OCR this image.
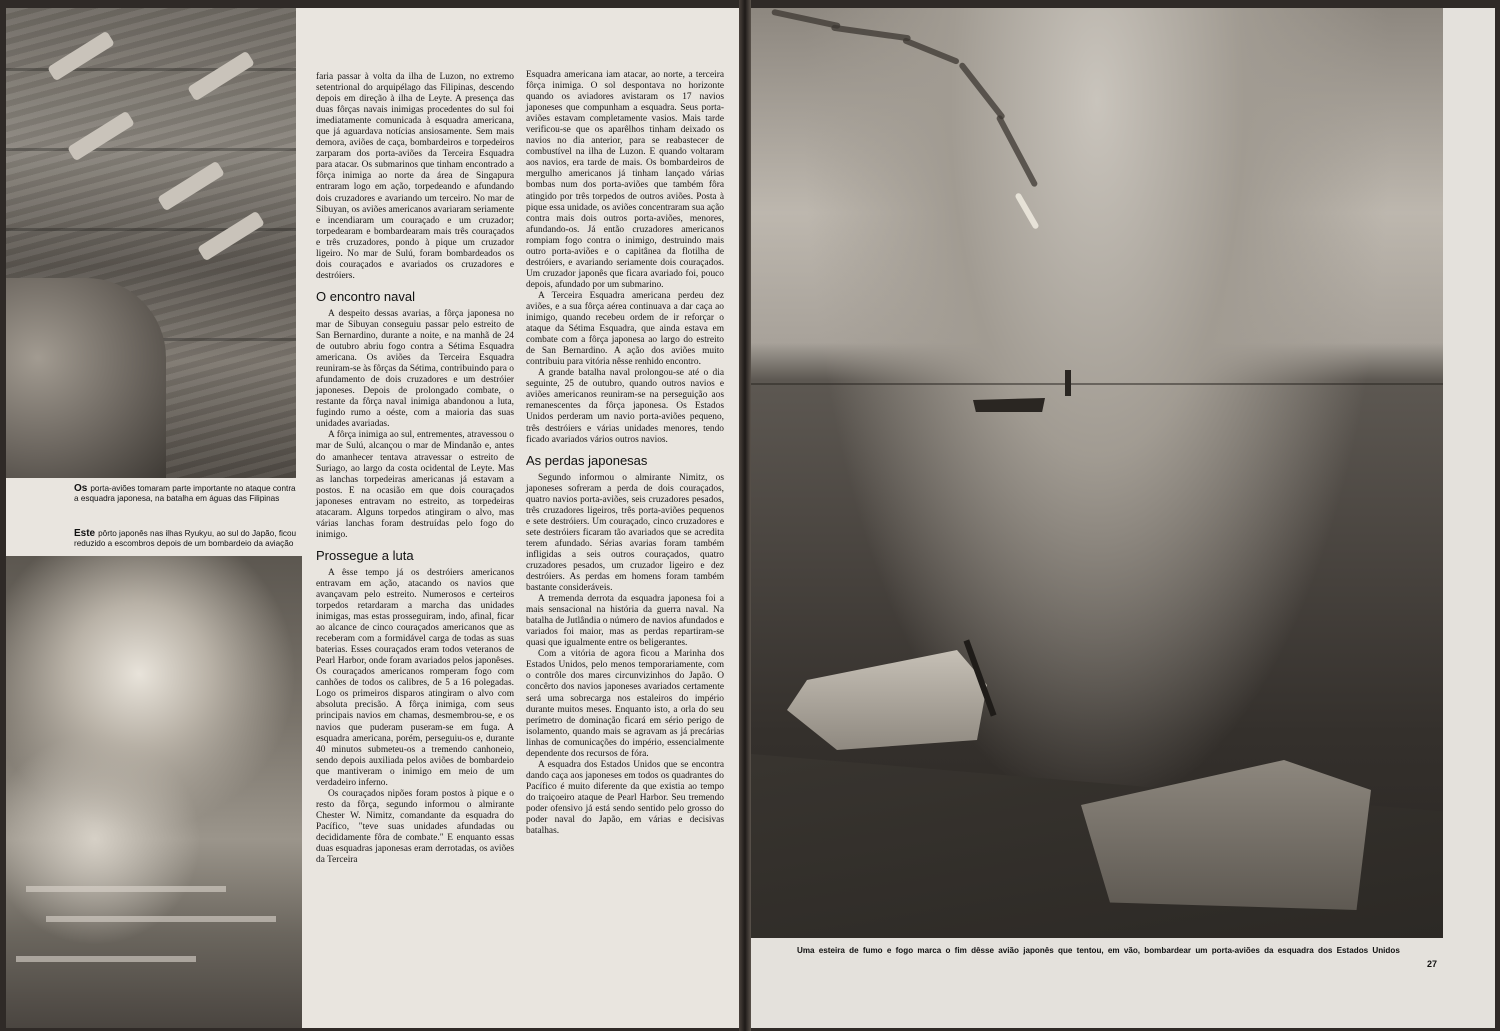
Os porta-aviões tomaram parte importante no ataque contra a esquadra japonesa, na batalha em águas das Filipinas
Este pôrto japonês nas ilhas Ryukyu, ao sul do Japão, ficou reduzido a escombros depois de um bombardeio da aviação

faria passar à volta da ilha de Luzon, no extremo setentrional do arquipélago das Filipinas, descendo depois em direção à ilha de Leyte. A presença das duas fôrças navais inimigas procedentes do sul foi imediatamente comunicada à esquadra americana, que já aguardava notícias ansiosamente. Sem mais demora, aviões de caça, bombardeiros e torpedeiros zarparam dos porta-aviões da Terceira Esquadra para atacar. Os submarinos que tinham encontrado a fôrça inimiga ao norte da área de Singapura entraram logo em ação, torpedeando e afundando dois cruzadores e avariando um terceiro. No mar de Sibuyan, os aviões americanos avariaram seriamente e incendiaram um couraçado e um cruzador; torpedearam e bombardearam mais três couraçados e três cruzadores, pondo à pique um cruzador ligeiro. No mar de Sulú, foram bombardeados os dois couraçados e avariados os cruzadores e destróiers.

O encontro naval

A despeito dessas avarias, a fôrça japonesa no mar de Sibuyan conseguiu passar pelo estreito de San Bernardino, durante a noite, e na manhã de 24 de outubro abriu fogo contra a Sétima Esquadra americana. Os aviões da Terceira Esquadra reuniram-se às fôrças da Sétima, contribuindo para o afundamento de dois cruzadores e um destróier japoneses. Depois de prolongado combate, o restante da fôrça naval inimiga abandonou a luta, fugindo rumo a oéste, com a maioria das suas unidades avariadas.

A fôrça inimiga ao sul, entrementes, atravessou o mar de Sulú, alcançou o mar de Mindanão e, antes do amanhecer tentava atravessar o estreito de Suriago, ao largo da costa ocidental de Leyte. Mas as lanchas torpedeiras americanas já estavam a postos. E na ocasião em que dois couraçados japoneses entravam no estreito, as torpedeiras atacaram. Alguns torpedos atingiram o alvo, mas várias lanchas foram destruídas pelo fogo do inimigo.

Prossegue a luta

A êsse tempo já os destróiers americanos entravam em ação, atacando os navios que avançavam pelo estreito. Numerosos e certeiros torpedos retardaram a marcha das unidades inimigas, mas estas prosseguiram, indo, afinal, ficar ao alcance de cinco couraçados americanos que as receberam com a formidável carga de todas as suas baterias. Esses couraçados eram todos veteranos de Pearl Harbor, onde foram avariados pelos japonêses. Os couraçados americanos romperam fogo com canhões de todos os calibres, de 5 a 16 polegadas. Logo os primeiros disparos atingiram o alvo com absoluta precisão. A fôrça inimiga, com seus principais navios em chamas, desmembrou-se, e os navios que puderam puseram-se em fuga. A esquadra americana, porém, perseguiu-os e, durante 40 minutos submeteu-os a tremendo canhoneio, sendo depois auxiliada pelos aviões de bombardeio que mantiveram o inimigo em meio de um verdadeiro inferno.

Os couraçados nipões foram postos à pique e o resto da fôrça, segundo informou o almirante Chester W. Nimitz, comandante da esquadra do Pacífico, "teve suas unidades afundadas ou decididamente fôra de combate." E enquanto essas duas esquadras japonesas eram derrotadas, os aviões da Terceira

Esquadra americana iam atacar, ao norte, a terceira fôrça inimiga. O sol despontava no horizonte quando os aviadores avistaram os 17 navios japoneses que compunham a esquadra. Seus porta-aviões estavam completamente vasios. Mais tarde verificou-se que os aparêlhos tinham deixado os navios no dia anterior, para se reabastecer de combustível na ilha de Luzon. E quando voltaram aos navios, era tarde de mais. Os bombardeiros de mergulho americanos já tinham lançado várias bombas num dos porta-aviões que também fôra atingido por três torpedos de outros aviões. Posta à pique essa unidade, os aviões concentraram sua ação contra mais dois outros porta-aviões, menores, afundando-os. Já então cruzadores americanos rompiam fogo contra o inimigo, destruindo mais outro porta-aviões e o capitânea da flotilha de destróiers, e avariando seriamente dois couraçados. Um cruzador japonês que ficara avariado foi, pouco depois, afundado por um submarino.

A Terceira Esquadra americana perdeu dez aviões, e a sua fôrça aérea continuava a dar caça ao inimigo, quando recebeu ordem de ir reforçar o ataque da Sétima Esquadra, que ainda estava em combate com a fôrça japonesa ao largo do estreito de San Bernardino. A ação dos aviões muito contribuiu para vitória nêsse renhido encontro.

A grande batalha naval prolongou-se até o dia seguinte, 25 de outubro, quando outros navios e aviões americanos reuniram-se na perseguição aos remanescentes da fôrça japonesa. Os Estados Unidos perderam um navio porta-aviões pequeno, três destróiers e várias unidades menores, tendo ficado avariados vários outros navios.

As perdas japonesas

Segundo informou o almirante Nimitz, os japoneses sofreram a perda de dois couraçados, quatro navios porta-aviões, seis cruzadores pesados, três cruzadores ligeiros, três porta-aviões pequenos e sete destróiers. Um couraçado, cinco cruzadores e sete destróiers ficaram tão avariados que se acredita terem afundado. Sérias avarias foram também infligidas a seis outros couraçados, quatro cruzadores pesados, um cruzador ligeiro e dez destróiers. As perdas em homens foram também bastante consideráveis.

A tremenda derrota da esquadra japonesa foi a mais sensacional na história da guerra naval. Na batalha de Jutlândia o número de navios afundados e variados foi maior, mas as perdas repartiram-se quasi que igualmente entre os beligerantes.

Com a vitória de agora ficou a Marinha dos Estados Unidos, pelo menos temporariamente, com o contrôle dos mares circunvizinhos do Japão. O concêrto dos navios japoneses avariados certamente será uma sobrecarga nos estaleiros do império durante muitos meses. Enquanto isto, a orla do seu perímetro de dominação ficará em sério perigo de isolamento, quando mais se agravam as já precárias linhas de comunicações do império, essencialmente dependente dos recursos de fóra.

A esquadra dos Estados Unidos que se encontra dando caça aos japoneses em todos os quadrantes do Pacífico é muito diferente da que existia ao tempo do traiçoeiro ataque de Pearl Harbor. Seu tremendo poder ofensivo já está sendo sentido pelo grosso do poder naval do Japão, em várias e decisivas batalhas.

Uma esteira de fumo e fogo marca o fim dêsse avião japonês que tentou, em vão, bombardear um porta-aviões da esquadra dos Estados Unidos
27
